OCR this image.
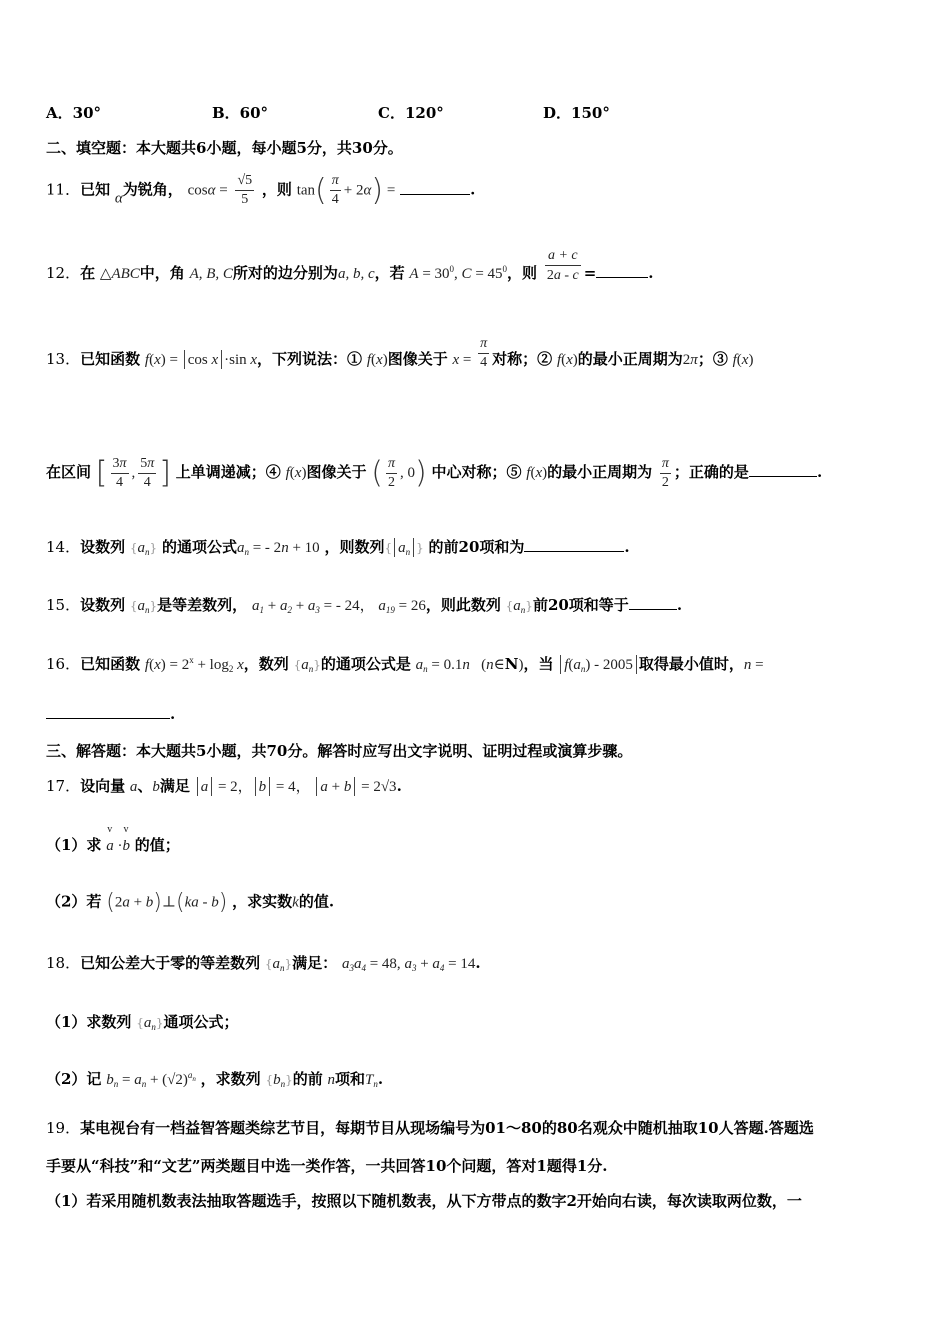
A．30°	B．60°	C．120°	D．150°
二、填空题：本大题共6小题，每小题5分，共30分。
11．已知 α为锐角， $\cos\alpha = \frac{√5}{5}$ ，则 $\tan( \frac{\pi}{4} + 2\alpha)$ =	.
12．在 △ABC中，角 A, B, C所对的边分别为a, b, c，若 $A = 30^0$, $C = 45^0$，则 $\frac{a + c}{2a - c}$ =	.
13．已知函数 f(x) = cos x ·sin x，下列说法：① f(x)图像关于 $x = \frac{\pi}{4}$ 对称；② f(x)的最小正周期为2π；③ f(x)
在区间 [ $\frac{3\pi}{4}$ , $\frac{5\pi}{4}$ ] 上单调递减；④ f(x)图像关于 ( $\frac{\pi}{2}$ , 0) 中心对称；⑤ f(x)的最小正周期为 $\frac{\pi}{2}$ ；正确的是	.
14．设数列 $\{a_n\}$ 的通项公式$a_n$ = - 2n + 10 ，则数列{ $a_n$ } 的前20项和为	.
15．设数列 $\{a_n\}$是等差数列， $a_1 + a_2 + a_3$ = - 24， $a_{19} = 26$，则此数列 $\{a_n\}$前20项和等于	.
16．已知函数 $f(x) = 2^x + \log_2 x$，数列 $\{a_n\}$的通项公式是 $a_n = 0.1n$   (n∈N)，当 $f(a_n) - 2005$ 取得最小值时，n =
.
三、解答题：本大题共5小题，共70分。解答时应写出文字说明、证明过程或演算步骤。
17．设向量 a、b满足 a = 2， b = 4， a + b = 2√3.
（1）求
v
a ·
v
b 的值；
（2）若 (2a + b)⊥(ka - b) ，求实数k的值.
18．已知公差大于零的等差数列 $\{a_n\}$满足： $a_3a_4 = 48$, $a_3 + a_4 = 14$.
（1）求数列 $\{a_n\}$通项公式；
（2）记 $b_n = a_n + (√2)^{a_n}$ ，求数列 $\{b_n\}$的前 n项和$T_n$.
19．某电视台有一档益智答题类综艺节目，每期节目从现场编号为01～80的80名观众中随机抽取10人答题.答题选
手要从“科技”和“文艺”两类题目中选一类作答，一共回答10个问题，答对1题得1分.
（1）若采用随机数表法抽取答题选手，按照以下随机数表，从下方带点的数字2开始向右读，每次读取两位数，一
